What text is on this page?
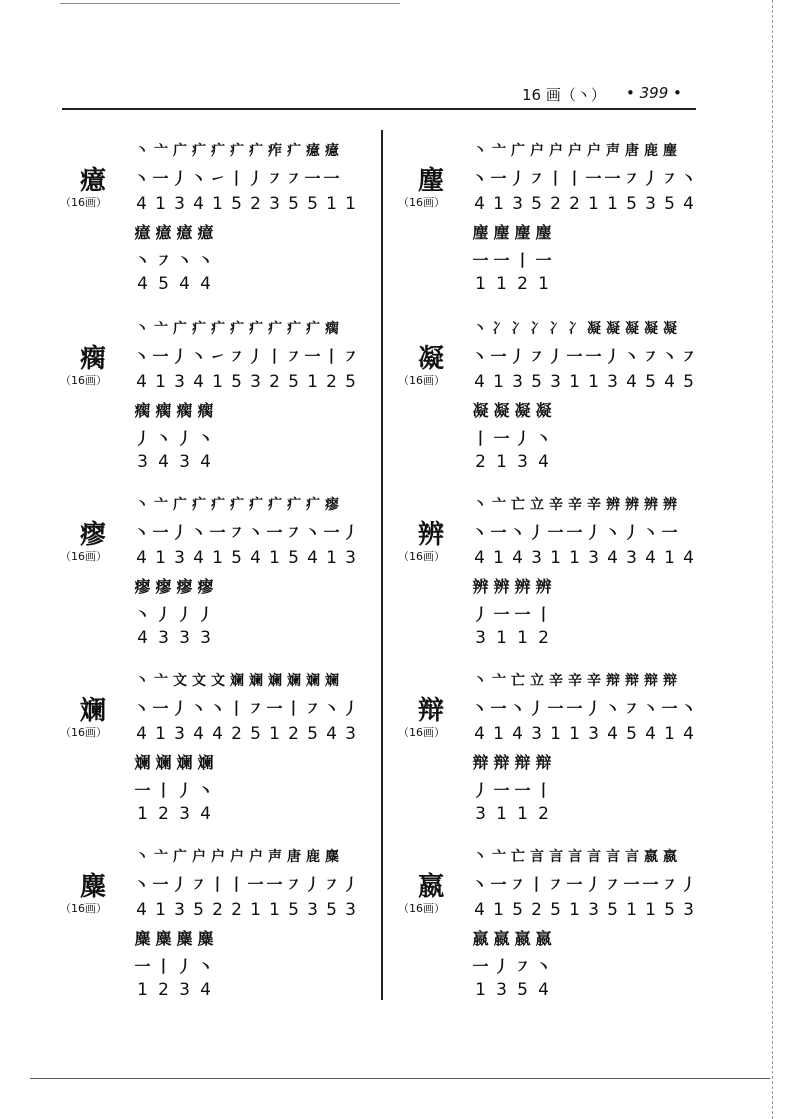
16 画（丶） • 399 •
癔
（16画）
丶 亠 广 疒 疒 疒 疒 痄 疒 癔 癔
丶 一 丿 丶 ㇀ 丨 丿 ㇇ ㇇ 一 一
4 1 3 4 1 5 2 3 5 5 1 1
癔 癔 癔 癔
丶 ㇇ 丶 丶
4 5 4 4
瘸
（16画）
丶 亠 广 疒 疒 疒 疒 疒 疒 疒 瘸
丶 一 丿 丶 ㇀ ㇇ 丿 丨 ㇇ 一 丨 ㇇
4 1 3 4 1 5 3 2 5 1 2 5
瘸 瘸 瘸 瘸
丿 丶 丿 丶
3 4 3 4
瘳
（16画）
丶 亠 广 疒 疒 疒 疒 疒 疒 疒 瘳
丶 一 丿 丶 一 ㇇ 丶 一 ㇇ 丶 一 丿
4 1 3 4 1 5 4 1 5 4 1 3
瘳 瘳 瘳 瘳
丶 丿 丿 丿
4 3 3 3
斓
（16画）
丶 亠 文 文 文 斓 斓 斓 斓 斓 斓
丶 一 丿 丶 丶 丨 ㇇ 一 丨 ㇇ 丶 丿
4 1 3 4 4 2 5 1 2 5 4 3
斓 斓 斓 斓
一 丨 丿 丶
1 2 3 4
麋
（16画）
丶 亠 广 户 户 户 户 声 唐 鹿 麋
丶 一 丿 ㇇ 丨 丨 一 一 ㇇ 丿 ㇇ 丿
4 1 3 5 2 2 1 1 5 3 5 3
麋 麋 麋 麋
一 丨 丿 丶
1 2 3 4
麈
（16画）
丶 亠 广 户 户 户 户 声 唐 鹿 麈
丶 一 丿 ㇇ 丨 丨 一 一 ㇇ 丿 ㇇ 丶
4 1 3 5 2 2 1 1 5 3 5 4
麈 麈 麈 麈
一 一 丨 一
1 1 2 1
凝
（16画）
丶 冫 冫 冫 冫 冫 凝 凝 凝 凝 凝
丶 一 丿 ㇇ 丿 一 一 丿 丶 ㇇ 丶 ㇇
4 1 3 5 3 1 1 3 4 5 4 5
凝 凝 凝 凝
丨 一 丿 丶
2 1 3 4
辨
（16画）
丶 亠 亡 立 辛 辛 辛 辨 辨 辨 辨
丶 一 丶 丿 一 一 丿 丶 丿 丶 一
4 1 4 3 1 1 3 4 3 4 1 4
辨 辨 辨 辨
丿 一 一 丨
3 1 1 2
辩
（16画）
丶 亠 亡 立 辛 辛 辛 辩 辩 辩 辩
丶 一 丶 丿 一 一 丿 丶 ㇇ 丶 一 丶
4 1 4 3 1 1 3 4 5 4 1 4
辩 辩 辩 辩
丿 一 一 丨
3 1 1 2
嬴
（16画）
丶 亠 亡 言 言 言 言 言 言 嬴 嬴
丶 一 ㇇ 丨 ㇇ 一 丿 ㇇ 一 一 ㇇ 丿
4 1 5 2 5 1 3 5 1 1 5 3
嬴 嬴 嬴 嬴
一 丿 ㇇ 丶
1 3 5 4
